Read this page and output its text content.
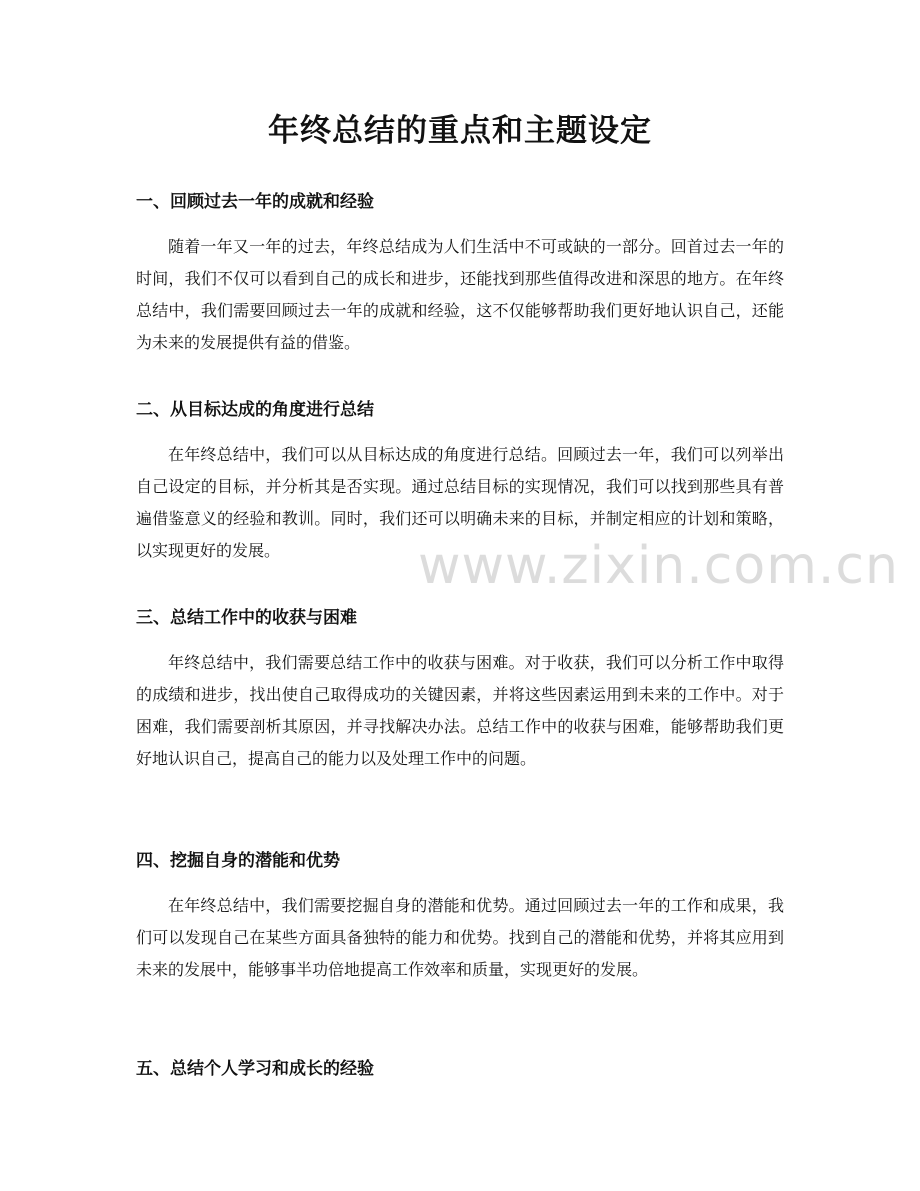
www.zixin.com.cn
年终总结的重点和主题设定
一、回顾过去一年的成就和经验

随着一年又一年的过去，年终总结成为人们生活中不可或缺的一部分。回首过去一年的时间，我们不仅可以看到自己的成长和进步，还能找到那些值得改进和深思的地方。在年终总结中，我们需要回顾过去一年的成就和经验，这不仅能够帮助我们更好地认识自己，还能为未来的发展提供有益的借鉴。

二、从目标达成的角度进行总结

在年终总结中，我们可以从目标达成的角度进行总结。回顾过去一年，我们可以列举出自己设定的目标，并分析其是否实现。通过总结目标的实现情况，我们可以找到那些具有普遍借鉴意义的经验和教训。同时，我们还可以明确未来的目标，并制定相应的计划和策略，以实现更好的发展。

三、总结工作中的收获与困难

年终总结中，我们需要总结工作中的收获与困难。对于收获，我们可以分析工作中取得的成绩和进步，找出使自己取得成功的关键因素，并将这些因素运用到未来的工作中。对于困难，我们需要剖析其原因，并寻找解决办法。总结工作中的收获与困难，能够帮助我们更好地认识自己，提高自己的能力以及处理工作中的问题。

四、挖掘自身的潜能和优势

在年终总结中，我们需要挖掘自身的潜能和优势。通过回顾过去一年的工作和成果，我们可以发现自己在某些方面具备独特的能力和优势。找到自己的潜能和优势，并将其应用到未来的发展中，能够事半功倍地提高工作效率和质量，实现更好的发展。

五、总结个人学习和成长的经验
